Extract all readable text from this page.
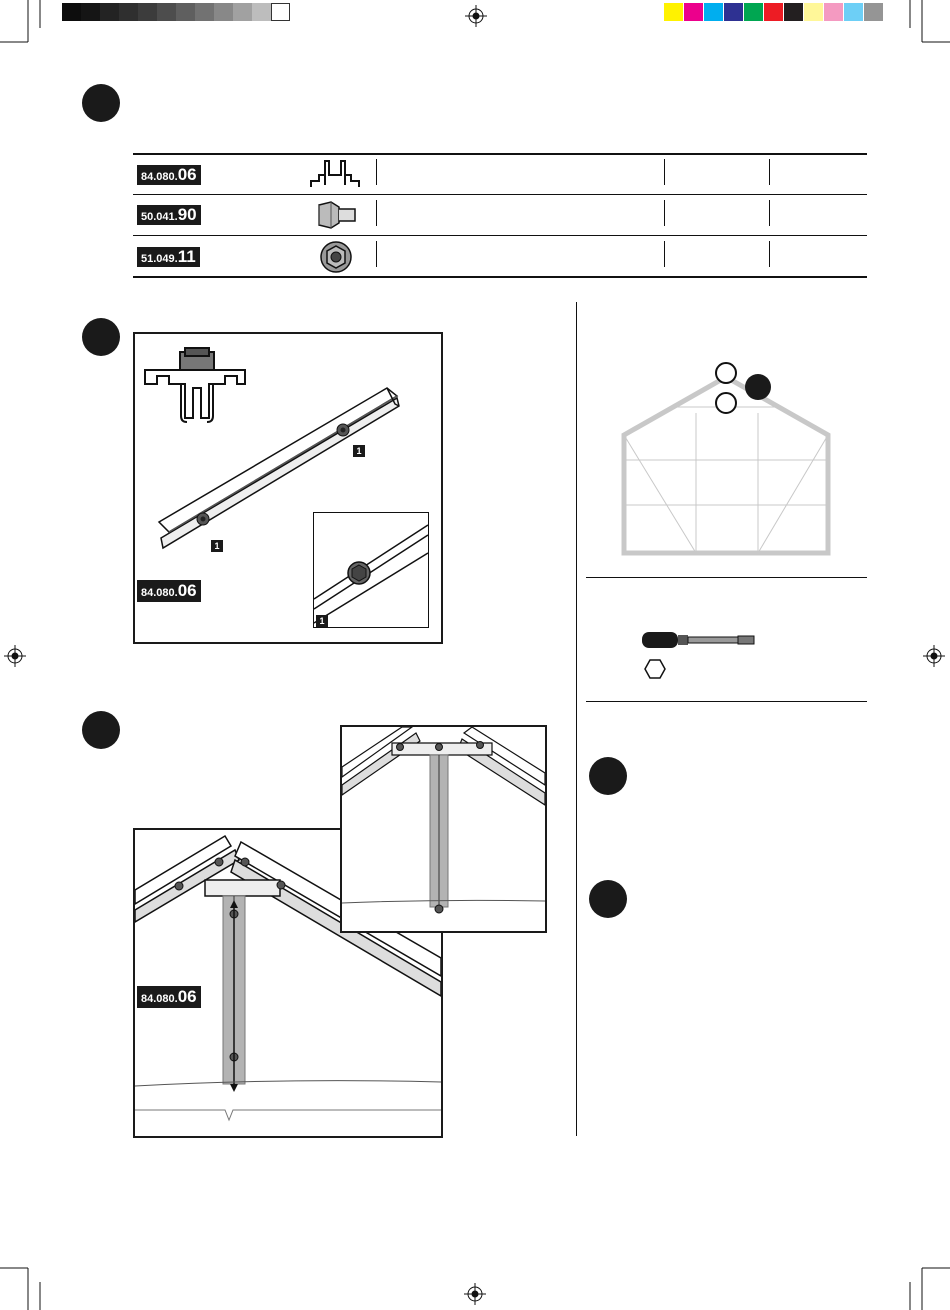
84.080.06
50.041.90
51.049.11
1
1
1
84.080.06
84.080.06
